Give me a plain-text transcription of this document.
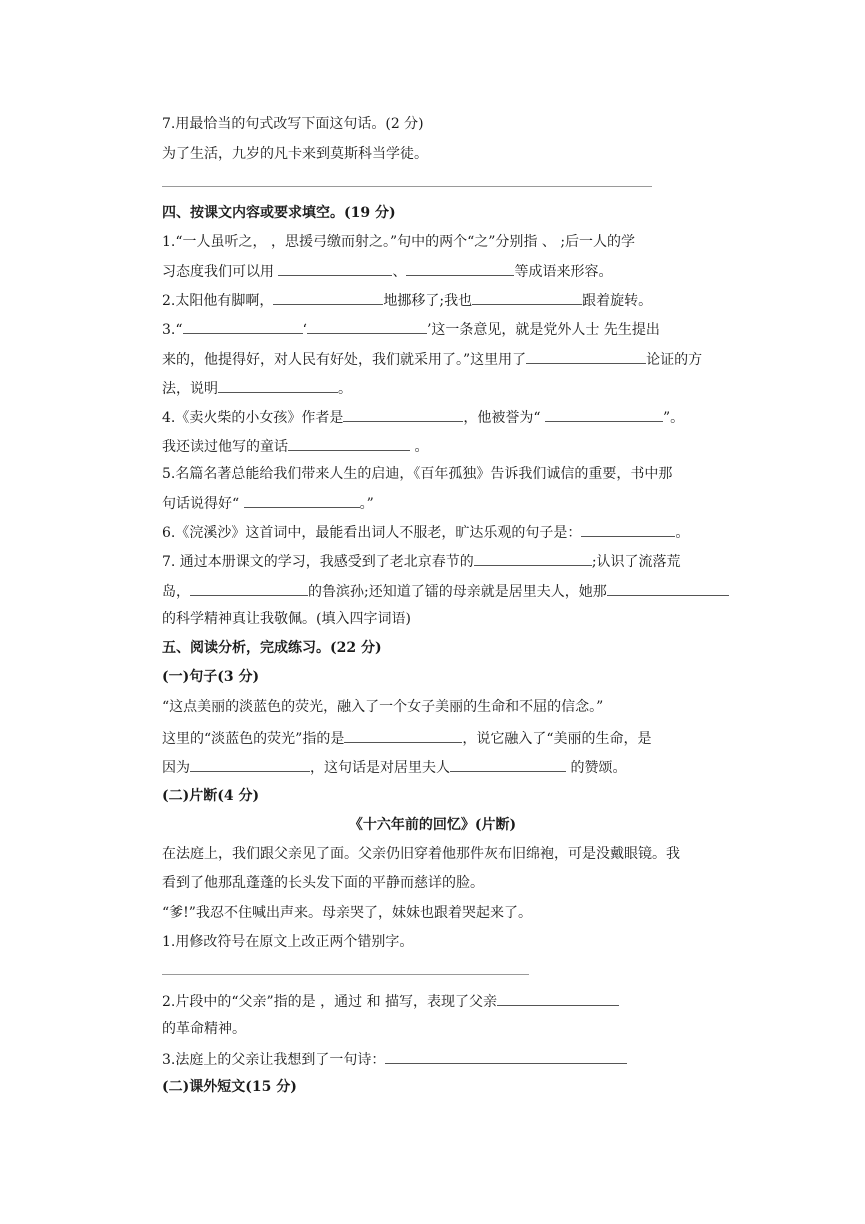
7.用最恰当的句式改写下面这句话。(2 分)
为了生活，九岁的凡卡来到莫斯科当学徒。
四、按课文内容或要求填空。(19 分)
1.“一人虽听之， ，思援弓缴而射之。”句中的两个“之”分别指 、 ;后一人的学
习态度我们可以用	、	等成语来形容。
2.太阳他有脚啊，	地挪移了;我也	跟着旋转。
3.“	‘	’这一条意见，就是党外人士 先生提出
来的，他提得好，对人民有好处，我们就采用了。”这里用了	论证的方
法，说明	。
4.《卖火柴的小女孩》作者是	，他被誉为“	”。
我还读过他写的童话	。
5.名篇名著总能给我们带来人生的启迪，《百年孤独》告诉我们诚信的重要，书中那
句话说得好“	。”
6.《浣溪沙》这首词中，最能看出词人不服老，旷达乐观的句子是：	。
7. 通过本册课文的学习，我感受到了老北京春节的	;认识了流落荒
岛，	的鲁滨孙;还知道了镭的母亲就是居里夫人，她那
的科学精神真让我敬佩。(填入四字词语)
五、阅读分析，完成练习。(22 分)
(一)句子(3 分)
“这点美丽的淡蓝色的荧光，融入了一个女子美丽的生命和不屈的信念。”
这里的“淡蓝色的荧光”指的是	，说它融入了“美丽的生命，是
因为	，这句话是对居里夫人	的赞颂。
(二)片断(4 分)
《十六年前的回忆》(片断)
在法庭上，我们跟父亲见了面。父亲仍旧穿着他那件灰布旧绵袍，可是没戴眼镜。我
看到了他那乱蓬蓬的长头发下面的平静而慈详的脸。
“爹!”我忍不住喊出声来。母亲哭了，妹妹也跟着哭起来了。
1.用修改符号在原文上改正两个错别字。
2.片段中的“父亲”指的是 ，通过 和 描写，表现了父亲
的革命精神。
3.法庭上的父亲让我想到了一句诗：
(二)课外短文(15 分)
